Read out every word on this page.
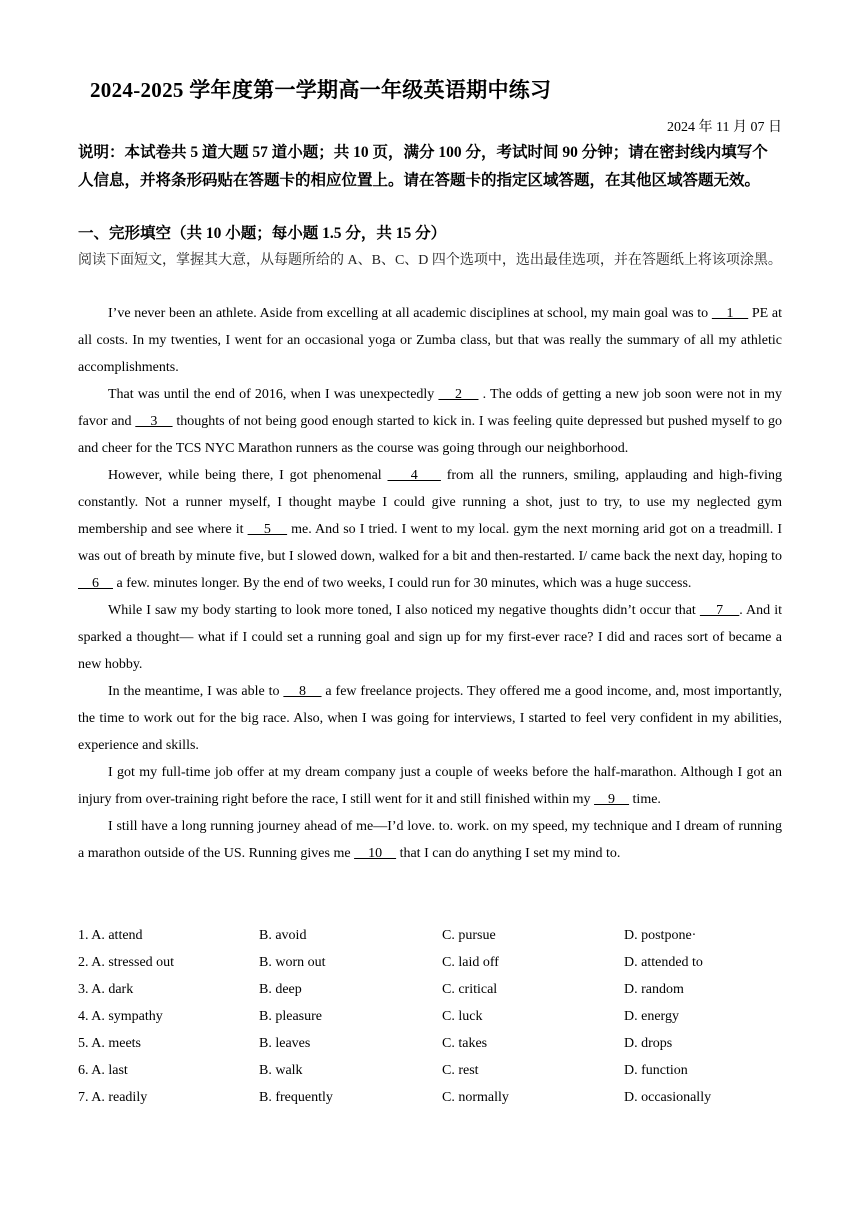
2024-2025 学年度第一学期高一年级英语期中练习
2024 年 11 月 07 日
说明：本试卷共 5 道大题 57 道小题；共 10 页，满分 100 分，考试时间 90 分钟；请在密封线内填写个人信息，并将条形码贴在答题卡的相应位置上。请在答题卡的指定区域答题，在其他区域答题无效。
一、完形填空（共 10 小题；每小题 1.5 分，共 15 分）
阅读下面短文，掌握其大意，从每题所给的 A、B、C、D 四个选项中，选出最佳选项，并在答题纸上将该项涂黑。

I’ve never been an athlete. Aside from excelling at all academic disciplines at school, my main goal was to     1     PE at all costs. In my twenties, I went for an occasional yoga or Zumba class, but that was really the summary of all my athletic accomplishments.

That was until the end of 2016, when I was unexpectedly     2     . The odds of getting a new job soon were not in my favor and     3     thoughts of not being good enough started to kick in. I was feeling quite depressed but pushed myself to go and cheer for the TCS NYC Marathon runners as the course was going through our neighborhood.

However, while being there, I got phenomenal     4     from all the runners, smiling, applauding and high-fiving constantly. Not a runner myself, I thought maybe I could give running a shot, just to try, to use my neglected gym membership and see where it     5     me. And so I tried. I went to my local. gym the next morning arid got on a treadmill. I was out of breath by minute five, but I slowed down, walked for a bit and then-restarted. I/ came back the next day, hoping to     6     a few. minutes longer. By the end of two weeks, I could run for 30 minutes, which was a huge success.

While I saw my body starting to look more toned, I also noticed my negative thoughts didn’t occur that     7    . And it sparked a thought— what if I could set a running goal and sign up for my first-ever race? I did and races sort of became a new hobby.

In the meantime, I was able to     8     a few freelance projects. They offered me a good income, and, most importantly, the time to work out for the big race. Also, when I was going for interviews, I started to feel very confident in my abilities, experience and skills.

I got my full-time job offer at my dream company just a couple of weeks before the half-marathon. Although I got an injury from over-training right before the race, I still went for it and still finished within my     9     time.

I still have a long running journey ahead of me—I’d love. to. work. on my speed, my technique and I dream of running a marathon outside of the US. Running gives me     10     that I can do anything I set my mind to.

1. A. attend	B. avoid	C. pursue	D. postpone·
2. A. stressed out	B. worn out	C. laid off	D. attended to
3. A. dark	B. deep	C. critical	D. random
4. A. sympathy	B. pleasure	C. luck	D. energy
5. A. meets	B. leaves	C. takes	D. drops
6. A. last	B. walk	C. rest	D. function
7. A. readily	B. frequently	C. normally	D. occasionally
